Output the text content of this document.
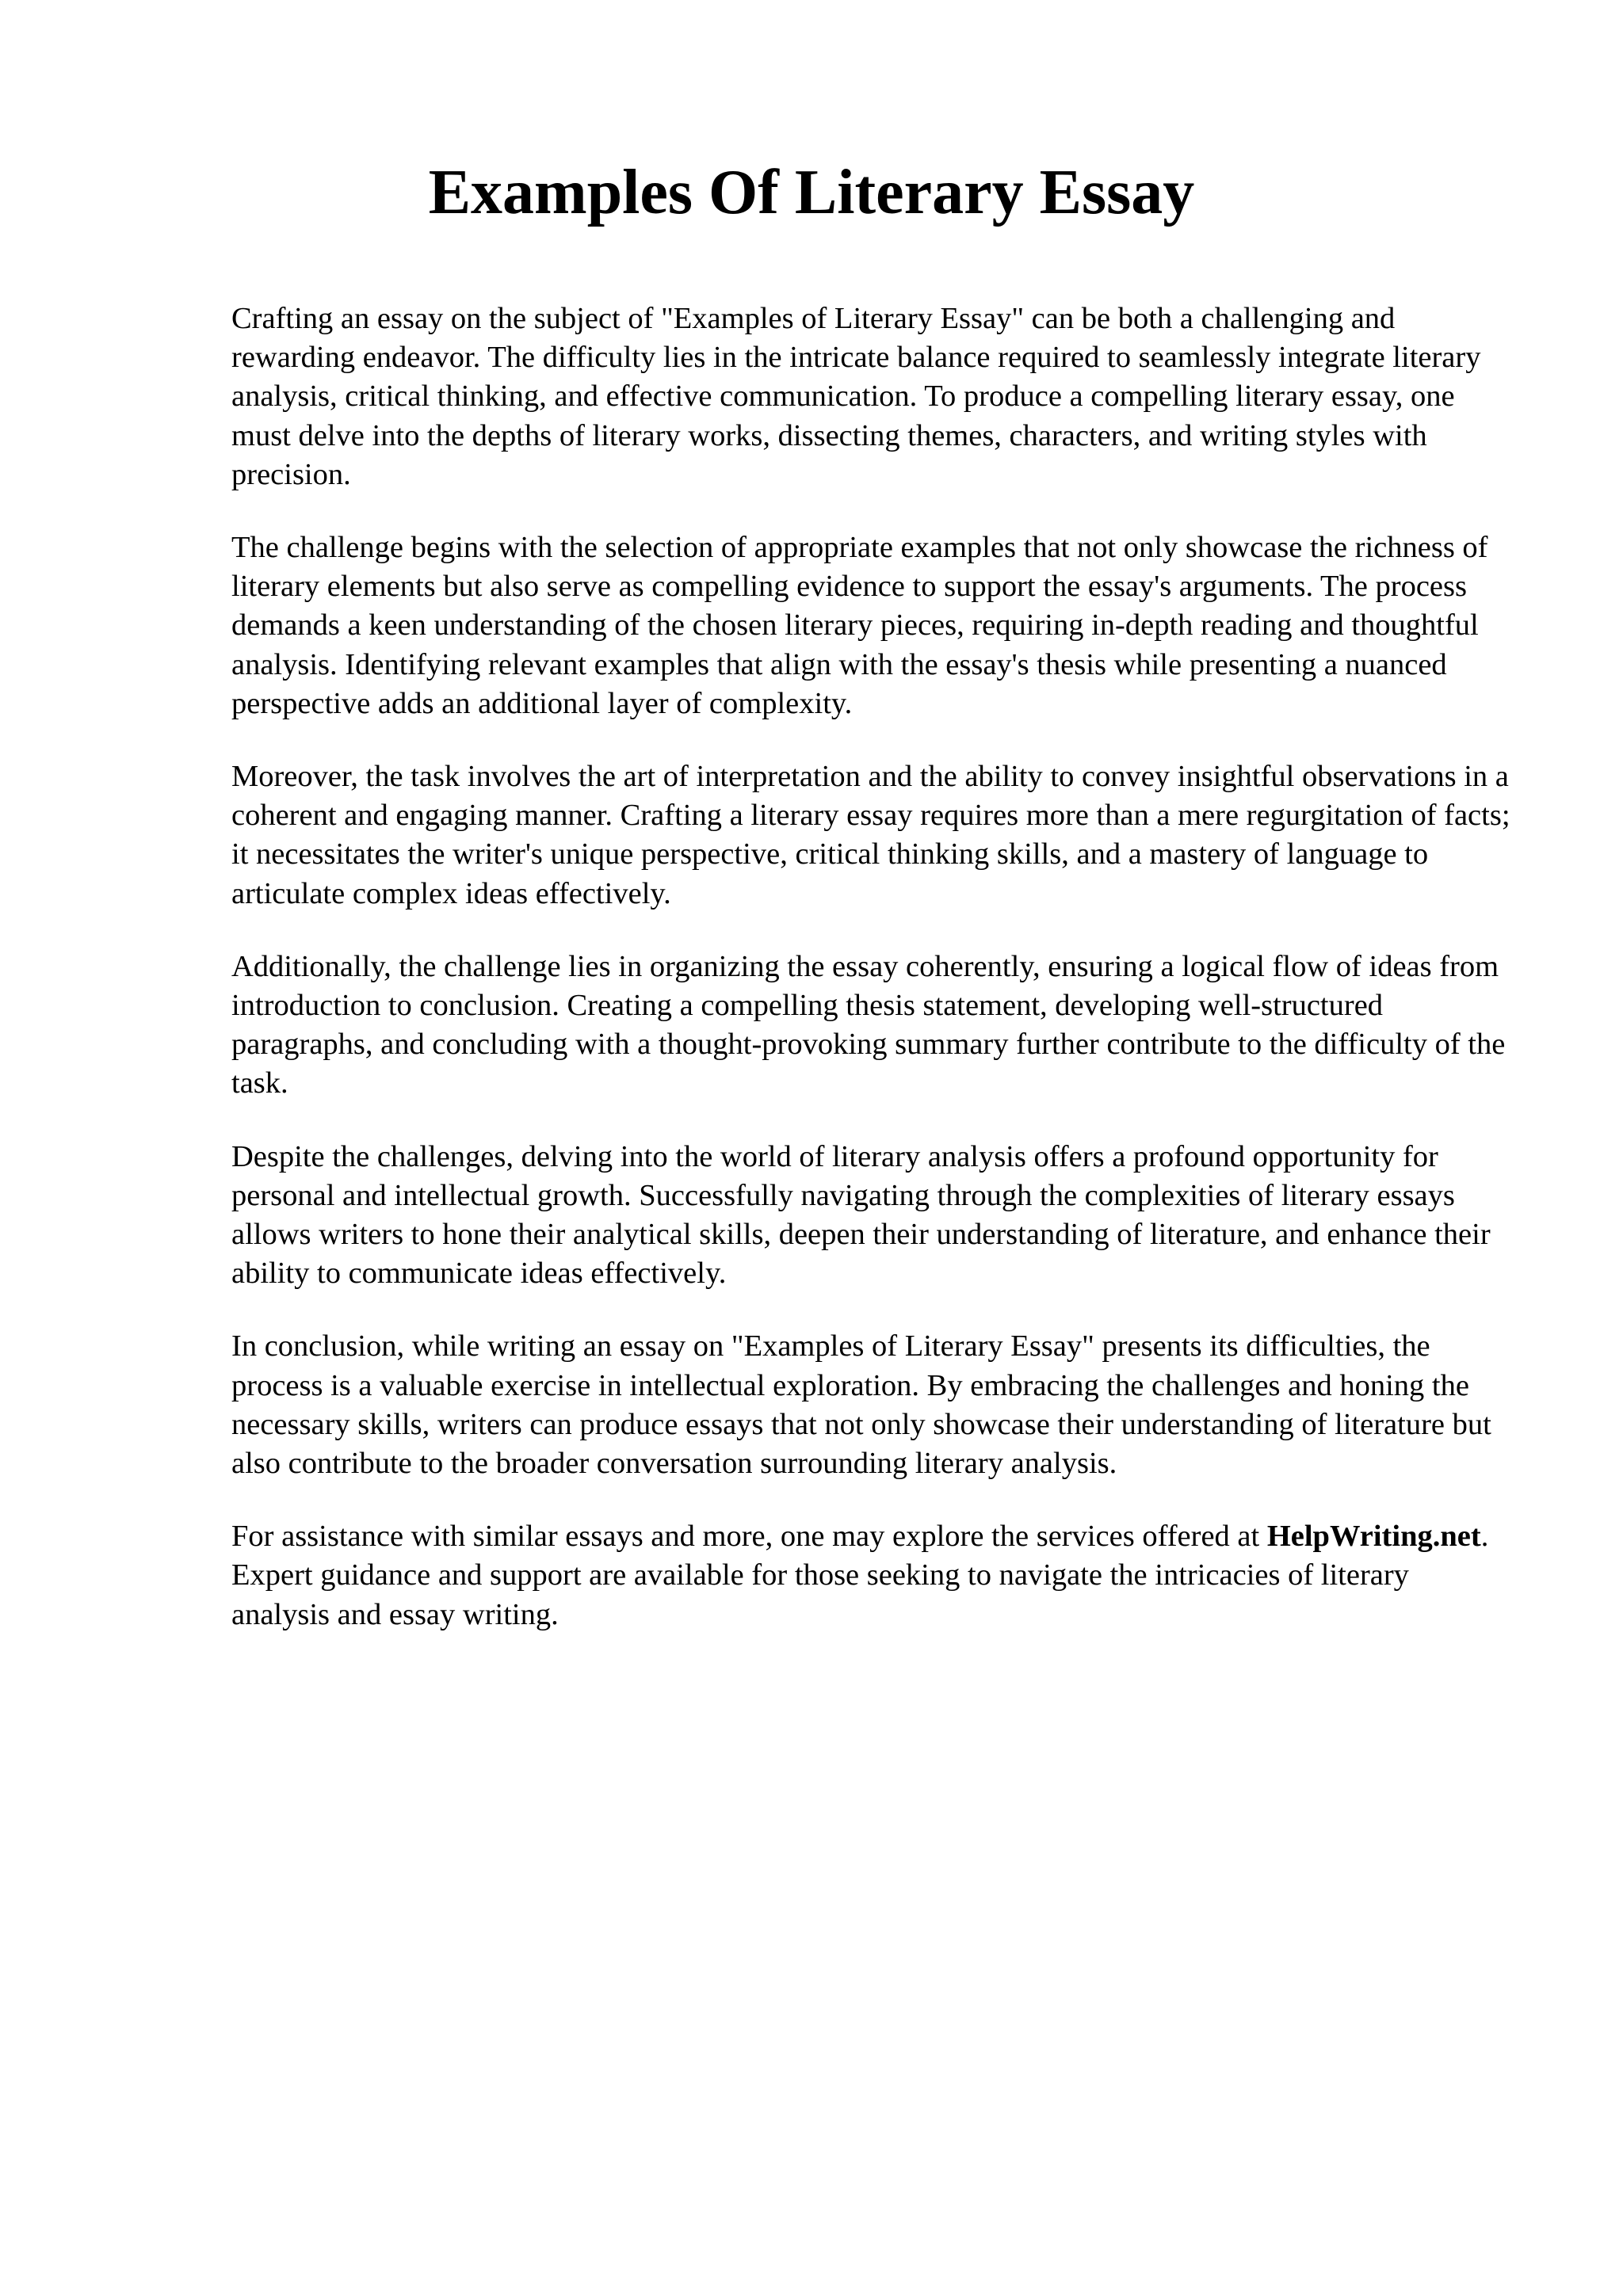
Examples Of Literary Essay

Crafting an essay on the subject of "Examples of Literary Essay" can be both a challenging and rewarding endeavor. The difficulty lies in the intricate balance required to seamlessly integrate literary analysis, critical thinking, and effective communication. To produce a compelling literary essay, one must delve into the depths of literary works, dissecting themes, characters, and writing styles with precision.

The challenge begins with the selection of appropriate examples that not only showcase the richness of literary elements but also serve as compelling evidence to support the essay's arguments. The process demands a keen understanding of the chosen literary pieces, requiring in-depth reading and thoughtful analysis. Identifying relevant examples that align with the essay's thesis while presenting a nuanced perspective adds an additional layer of complexity.

Moreover, the task involves the art of interpretation and the ability to convey insightful observations in a coherent and engaging manner. Crafting a literary essay requires more than a mere regurgitation of facts; it necessitates the writer's unique perspective, critical thinking skills, and a mastery of language to articulate complex ideas effectively.

Additionally, the challenge lies in organizing the essay coherently, ensuring a logical flow of ideas from introduction to conclusion. Creating a compelling thesis statement, developing well-structured paragraphs, and concluding with a thought-provoking summary further contribute to the difficulty of the task.

Despite the challenges, delving into the world of literary analysis offers a profound opportunity for personal and intellectual growth. Successfully navigating through the complexities of literary essays allows writers to hone their analytical skills, deepen their understanding of literature, and enhance their ability to communicate ideas effectively.

In conclusion, while writing an essay on "Examples of Literary Essay" presents its difficulties, the process is a valuable exercise in intellectual exploration. By embracing the challenges and honing the necessary skills, writers can produce essays that not only showcase their understanding of literature but also contribute to the broader conversation surrounding literary analysis.

For assistance with similar essays and more, one may explore the services offered at HelpWriting.net. Expert guidance and support are available for those seeking to navigate the intricacies of literary analysis and essay writing.
